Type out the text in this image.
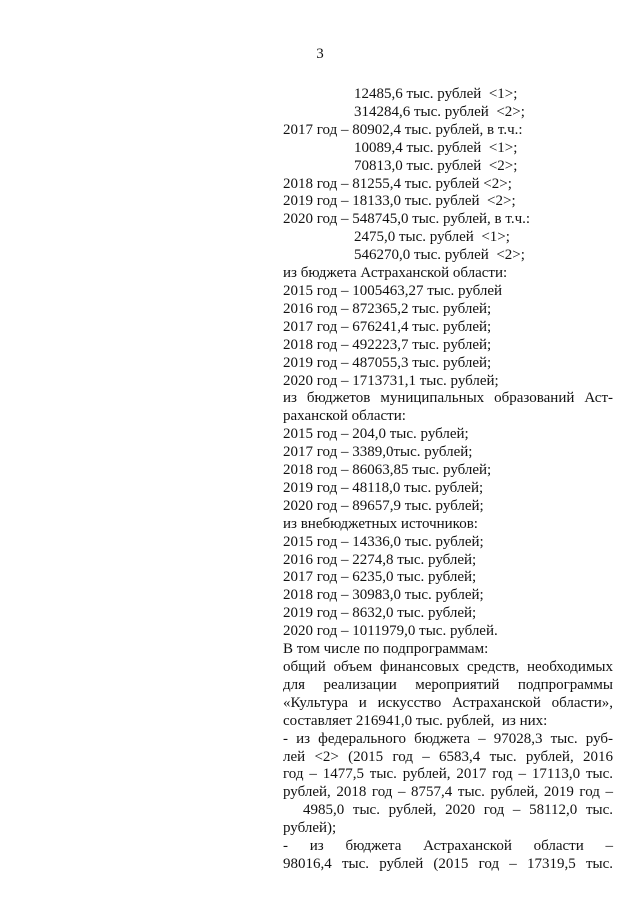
3
12485,6 тыс. рублей  <1>;
314284,6 тыс. рублей  <2>;
2017 год – 80902,4 тыс. рублей, в т.ч.:
10089,4 тыс. рублей  <1>;
70813,0 тыс. рублей  <2>;
2018 год – 81255,4 тыс. рублей <2>;
2019 год – 18133,0 тыс. рублей  <2>;
2020 год – 548745,0 тыс. рублей, в т.ч.:
2475,0 тыс. рублей  <1>;
546270,0 тыс. рублей  <2>;
из бюджета Астраханской области:
2015 год – 1005463,27 тыс. рублей
2016 год – 872365,2 тыс. рублей;
2017 год – 676241,4 тыс. рублей;
2018 год – 492223,7 тыс. рублей;
2019 год – 487055,3 тыс. рублей;
2020 год – 1713731,1 тыс. рублей;
из бюджетов муниципальных образований Аст-
раханской области:
2015 год – 204,0 тыс. рублей;
2017 год – 3389,0тыс. рублей;
2018 год – 86063,85 тыс. рублей;
2019 год – 48118,0 тыс. рублей;
2020 год – 89657,9 тыс. рублей;
из внебюджетных источников:
2015 год – 14336,0 тыс. рублей;
2016 год – 2274,8 тыс. рублей;
2017 год – 6235,0 тыс. рублей;
2018 год – 30983,0 тыс. рублей;
2019 год – 8632,0 тыс. рублей;
2020 год – 1011979,0 тыс. рублей.
В том числе по подпрограммам:
общий объем финансовых средств, необходимых
для реализации мероприятий подпрограммы
«Культура и искусство Астраханской области»,
составляет 216941,0 тыс. рублей,  из них:
- из федерального бюджета – 97028,3 тыс. руб-
лей <2> (2015 год – 6583,4 тыс. рублей, 2016
год – 1477,5 тыс. рублей, 2017 год – 17113,0 тыс.
рублей, 2018 год – 8757,4 тыс. рублей, 2019 год –
4985,0 тыс. рублей, 2020 год – 58112,0 тыс.
рублей);
- из бюджета Астраханской области –
98016,4 тыс. рублей (2015 год – 17319,5 тыс.
